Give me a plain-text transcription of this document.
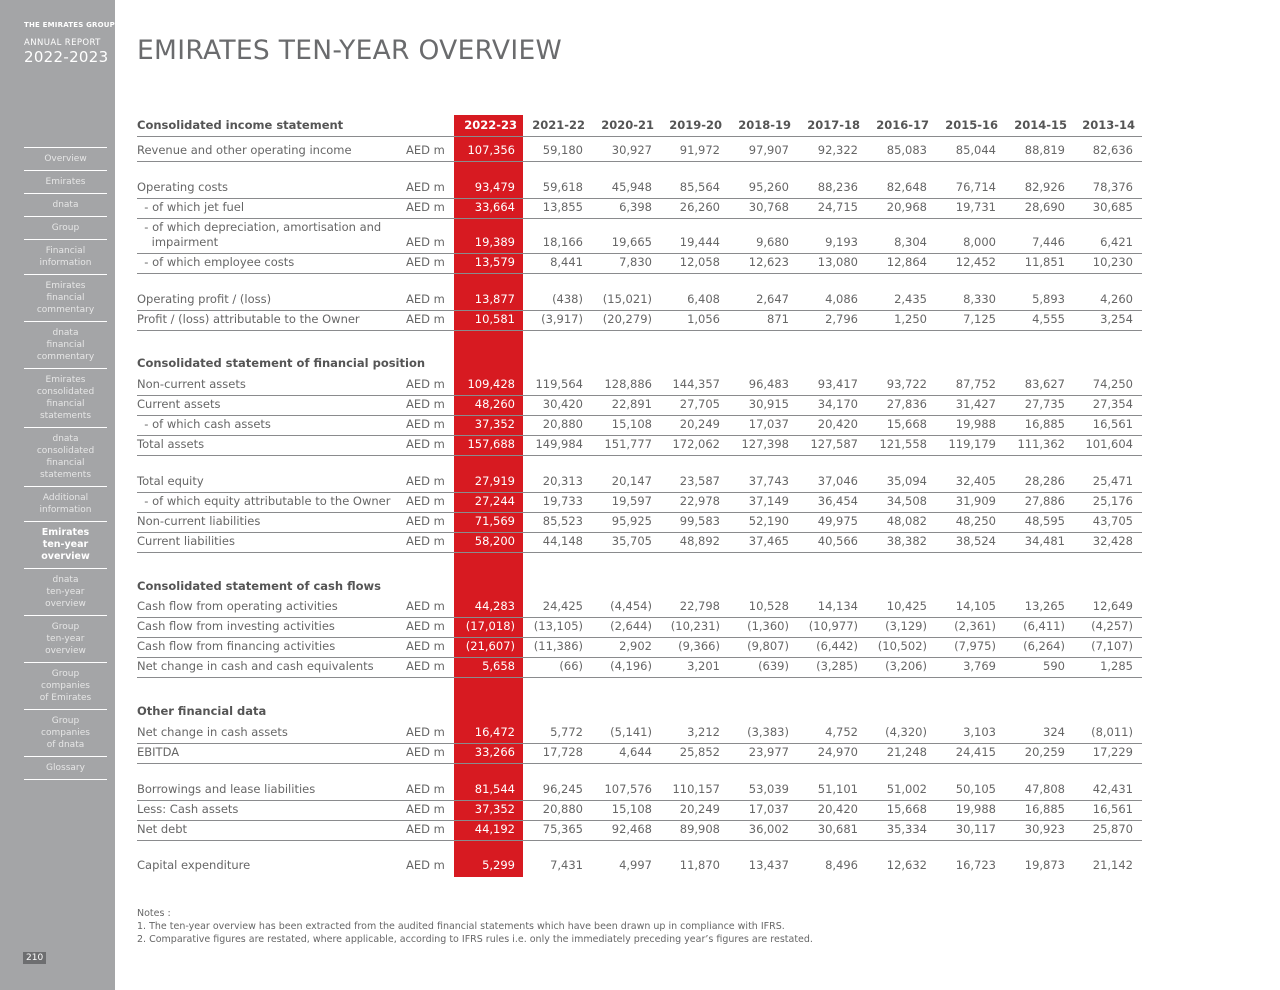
THE EMIRATES GROUP
ANNUAL REPORT
2022-2023
Overview
Emirates
dnata
Group
Financial
information
Emirates
financial
commentary
dnata
financial
commentary
Emirates
consolidated
financial
statements
dnata
consolidated
financial
statements
Additional
information
Emirates
ten-year
overview
dnata
ten-year
overview
Group
ten-year
overview
Group
companies
of Emirates
Group
companies
of dnata
Glossary
210
EMIRATES TEN-YEAR OVERVIEW
Consolidated income statement	2022-23	2021-22	2020-21	2019-20	2018-19	2017-18	2016-17	2015-16	2014-15	2013-14
Revenue and other operating income	AED m	107,356	59,180	30,927	91,972	97,907	92,322	85,083	85,044	88,819	82,636
Operating costs	AED m	93,479	59,618	45,948	85,564	95,260	88,236	82,648	76,714	82,926	78,376
- of which jet fuel	AED m	33,664	13,855	6,398	26,260	30,768	24,715	20,968	19,731	28,690	30,685
- of which depreciation, amortisation and
impairment	AED m	19,389	18,166	19,665	19,444	9,680	9,193	8,304	8,000	7,446	6,421
- of which employee costs	AED m	13,579	8,441	7,830	12,058	12,623	13,080	12,864	12,452	11,851	10,230
Operating profit / (loss)	AED m	13,877	(438)	(15,021)	6,408	2,647	4,086	2,435	8,330	5,893	4,260
Profit / (loss) attributable to the Owner	AED m	10,581	(3,917)	(20,279)	1,056	871	2,796	1,250	7,125	4,555	3,254
Consolidated statement of financial position
Non-current assets	AED m	109,428	119,564	128,886	144,357	96,483	93,417	93,722	87,752	83,627	74,250
Current assets	AED m	48,260	30,420	22,891	27,705	30,915	34,170	27,836	31,427	27,735	27,354
- of which cash assets	AED m	37,352	20,880	15,108	20,249	17,037	20,420	15,668	19,988	16,885	16,561
Total assets	AED m	157,688	149,984	151,777	172,062	127,398	127,587	121,558	119,179	111,362	101,604
Total equity	AED m	27,919	20,313	20,147	23,587	37,743	37,046	35,094	32,405	28,286	25,471
- of which equity attributable to the Owner AED m	27,244	19,733	19,597	22,978	37,149	36,454	34,508	31,909	27,886	25,176
Non-current liabilities	AED m	71,569	85,523	95,925	99,583	52,190	49,975	48,082	48,250	48,595	43,705
Current liabilities	AED m	58,200	44,148	35,705	48,892	37,465	40,566	38,382	38,524	34,481	32,428
Consolidated statement of cash flows
Cash flow from operating activities	AED m	44,283	24,425	(4,454)	22,798	10,528	14,134	10,425	14,105	13,265	12,649
Cash flow from investing activities	AED m	(17,018)	(13,105)	(2,644)	(10,231)	(1,360)	(10,977)	(3,129)	(2,361)	(6,411)	(4,257)
Cash flow from financing activities	AED m	(21,607)	(11,386)	2,902	(9,366)	(9,807)	(6,442)	(10,502)	(7,975)	(6,264)	(7,107)
Net change in cash and cash equivalents	AED m	5,658	(66)	(4,196)	3,201	(639)	(3,285)	(3,206)	3,769	590	1,285
Other financial data
Net change in cash assets	AED m	16,472	5,772	(5,141)	3,212	(3,383)	4,752	(4,320)	3,103	324	(8,011)
EBITDA	AED m	33,266	17,728	4,644	25,852	23,977	24,970	21,248	24,415	20,259	17,229
Borrowings and lease liabilities	AED m	81,544	96,245	107,576	110,157	53,039	51,101	51,002	50,105	47,808	42,431
Less: Cash assets	AED m	37,352	20,880	15,108	20,249	17,037	20,420	15,668	19,988	16,885	16,561
Net debt	AED m	44,192	75,365	92,468	89,908	36,002	30,681	35,334	30,117	30,923	25,870
Capital expenditure	AED m	5,299	7,431	4,997	11,870	13,437	8,496	12,632	16,723	19,873	21,142
Notes :
1. The ten-year overview has been extracted from the audited financial statements which have been drawn up in compliance with IFRS.
2. Comparative figures are restated, where applicable, according to IFRS rules i.e. only the immediately preceding year’s figures are restated.
